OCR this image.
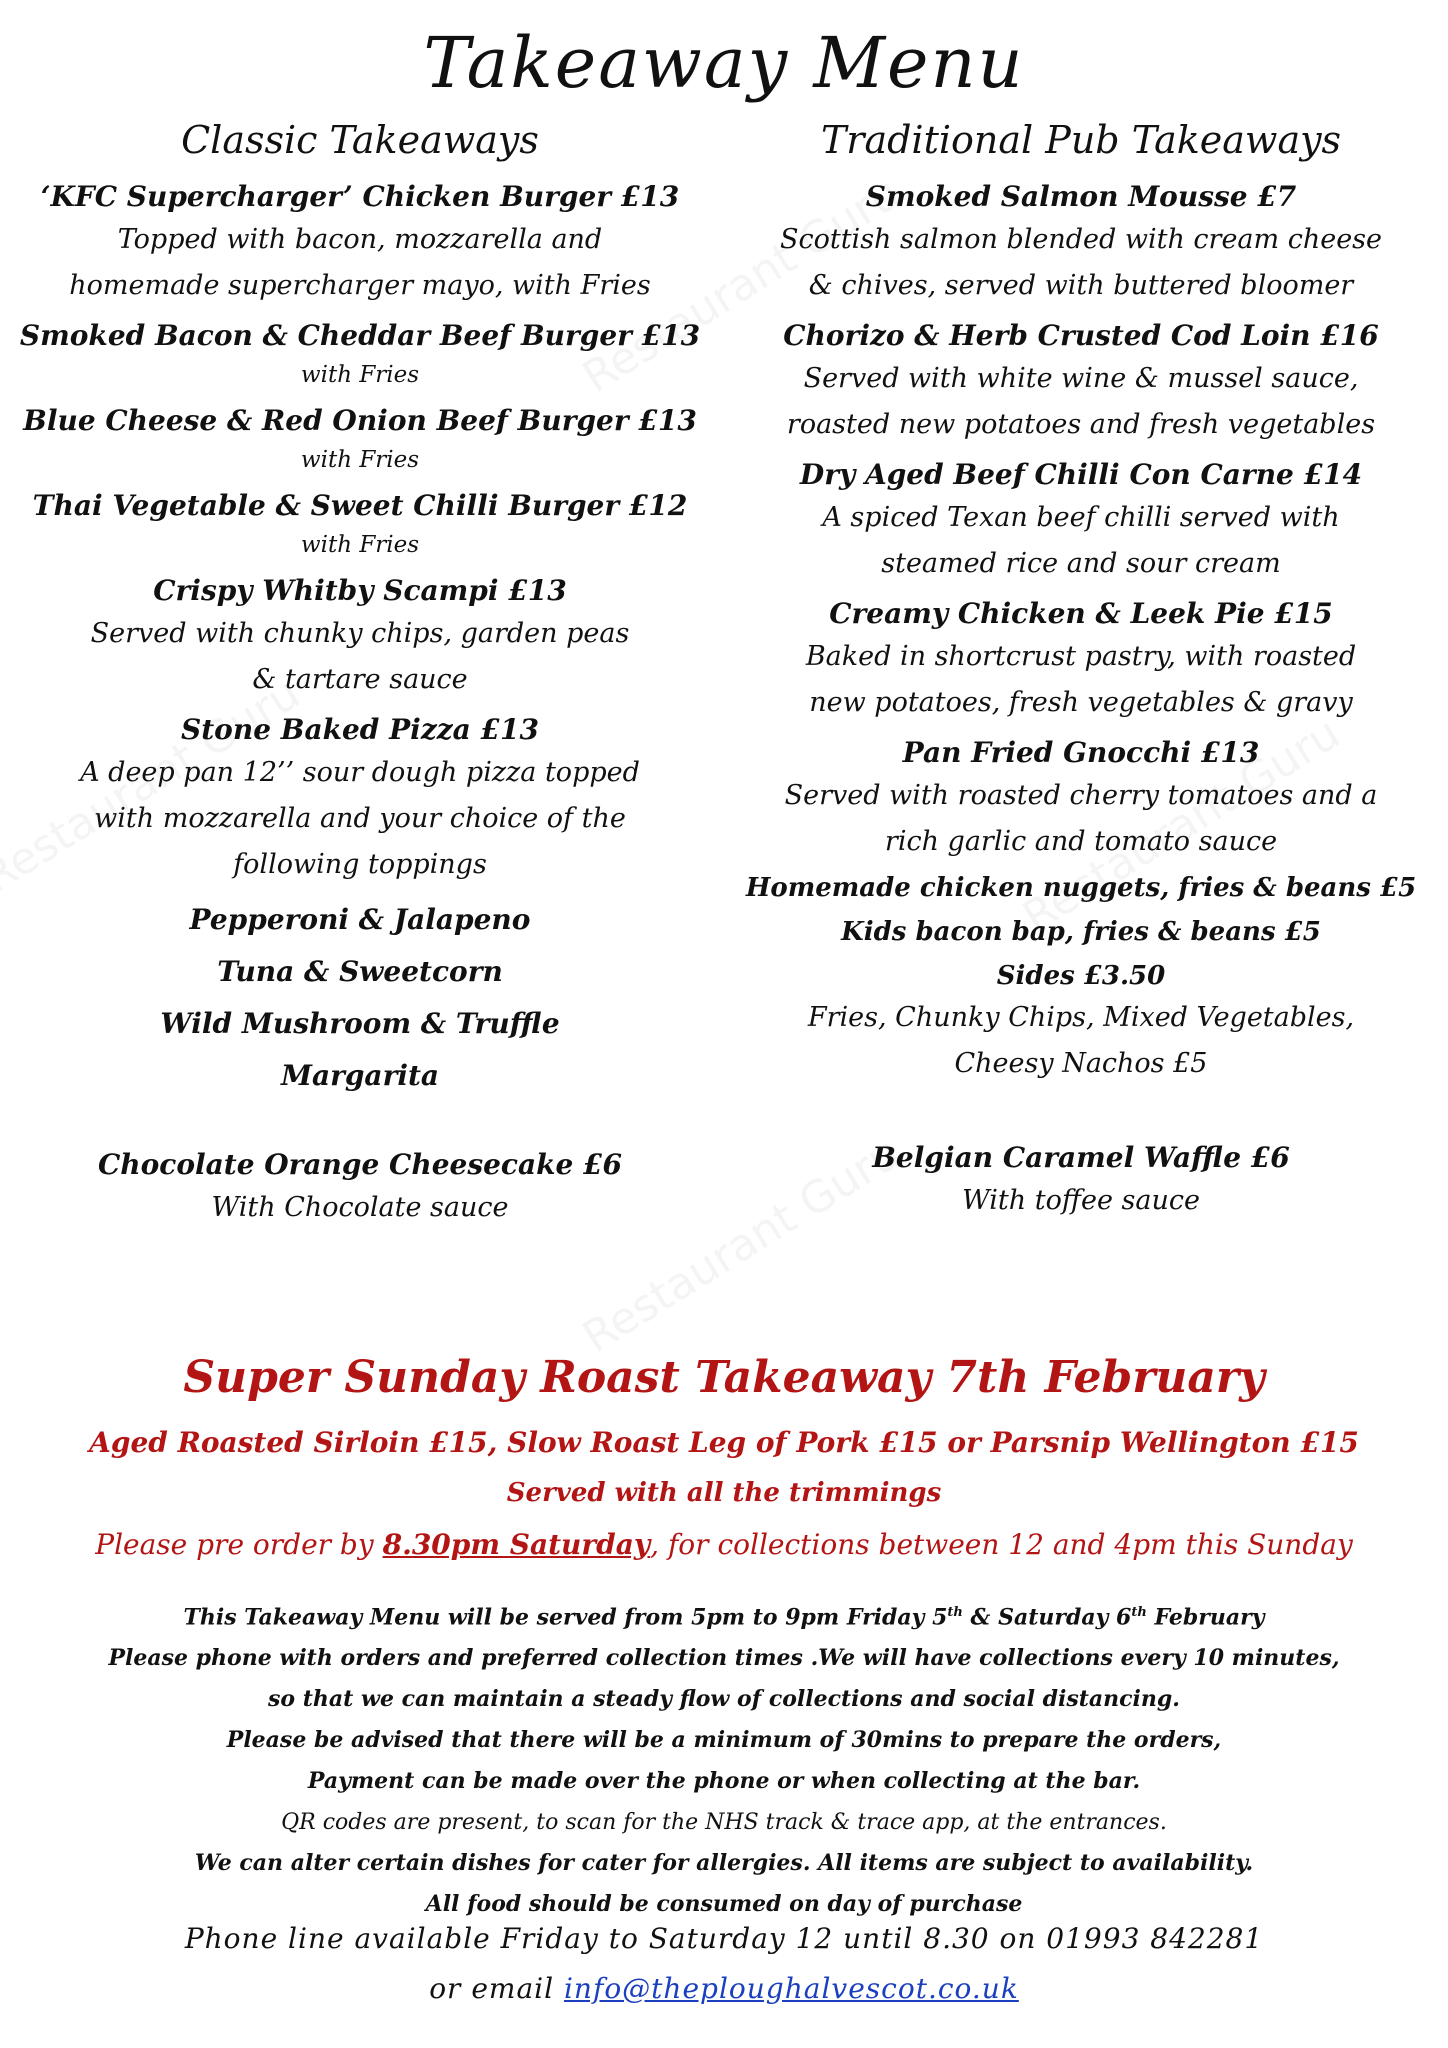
Takeaway Menu
Classic Takeaways
‘KFC Supercharger’ Chicken Burger £13

Topped with bacon, mozzarella and

homemade supercharger mayo, with Fries

Smoked Bacon & Cheddar Beef Burger £13

with Fries

Blue Cheese & Red Onion Beef Burger £13

with Fries

Thai Vegetable & Sweet Chilli Burger £12

with Fries

Crispy Whitby Scampi £13

Served with chunky chips, garden peas

& tartare sauce

Stone Baked Pizza £13

A deep pan 12’’ sour dough pizza topped

with mozzarella and your choice of the

following toppings

Pepperoni & Jalapeno

Tuna & Sweetcorn

Wild Mushroom & Truffle

Margarita

Chocolate Orange Cheesecake £6

With Chocolate sauce

Traditional Pub Takeaways
Smoked Salmon Mousse £7

Scottish salmon blended with cream cheese

& chives, served with buttered bloomer

Chorizo & Herb Crusted Cod Loin £16

Served with white wine & mussel sauce,

roasted new potatoes and fresh vegetables

Dry Aged Beef Chilli Con Carne £14

A spiced Texan beef chilli served with

steamed rice and sour cream

Creamy Chicken & Leek Pie £15

Baked in shortcrust pastry, with roasted

new potatoes, fresh vegetables & gravy

Pan Fried Gnocchi £13

Served with roasted cherry tomatoes and a

rich garlic and tomato sauce

Homemade chicken nuggets, fries & beans £5
Kids bacon bap, fries & beans £5
Sides £3.50

Fries, Chunky Chips, Mixed Vegetables,

Cheesy Nachos £5

Belgian Caramel Waffle £6

With toffee sauce

Super Sunday Roast Takeaway 7th February
Aged Roasted Sirloin £15, Slow Roast Leg of Pork £15 or Parsnip Wellington £15
Served with all the trimmings
Please pre order by 8.30pm Saturday, for collections between 12 and 4pm this Sunday
This Takeaway Menu will be served from 5pm to 9pm Friday 5th & Saturday 6th February
Please phone with orders and preferred collection times .We will have collections every 10 minutes,
so that we can maintain a steady flow of collections and social distancing.
Please be advised that there will be a minimum of 30mins to prepare the orders,
Payment can be made over the phone or when collecting at the bar.
QR codes are present, to scan for the NHS track & trace app, at the entrances.
We can alter certain dishes for cater for allergies. All items are subject to availability.
All food should be consumed on day of purchase
Phone line available Friday to Saturday 12 until 8.30 on 01993 842281
or email info@theploughalvescot.co.uk
